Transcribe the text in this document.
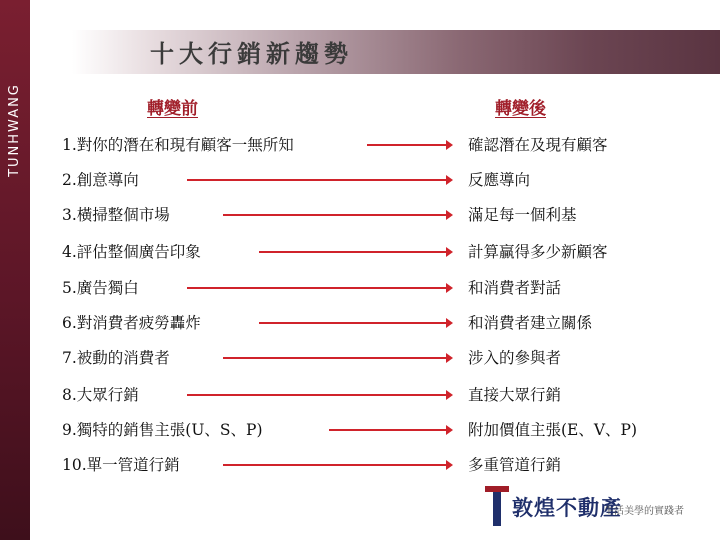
TUNHWANG
十大行銷新趨勢
轉變前	轉變後
1.對你的潛在和現有顧客一無所知	確認潛在及現有顧客
2.創意導向	反應導向
3.橫掃整個市場	滿足每一個利基
4.評估整個廣告印象	計算贏得多少新顧客
5.廣告獨白	和消費者對話
6.對消費者疲勞轟炸	和消費者建立關係
7.被動的消費者	涉入的參與者
8.大眾行銷	直接大眾行銷
9.獨特的銷售主張(U、S、P)	附加價值主張(E、V、P)
10.單一管道行銷	多重管道行銷
敦煌不動產
生活美學的實踐者
